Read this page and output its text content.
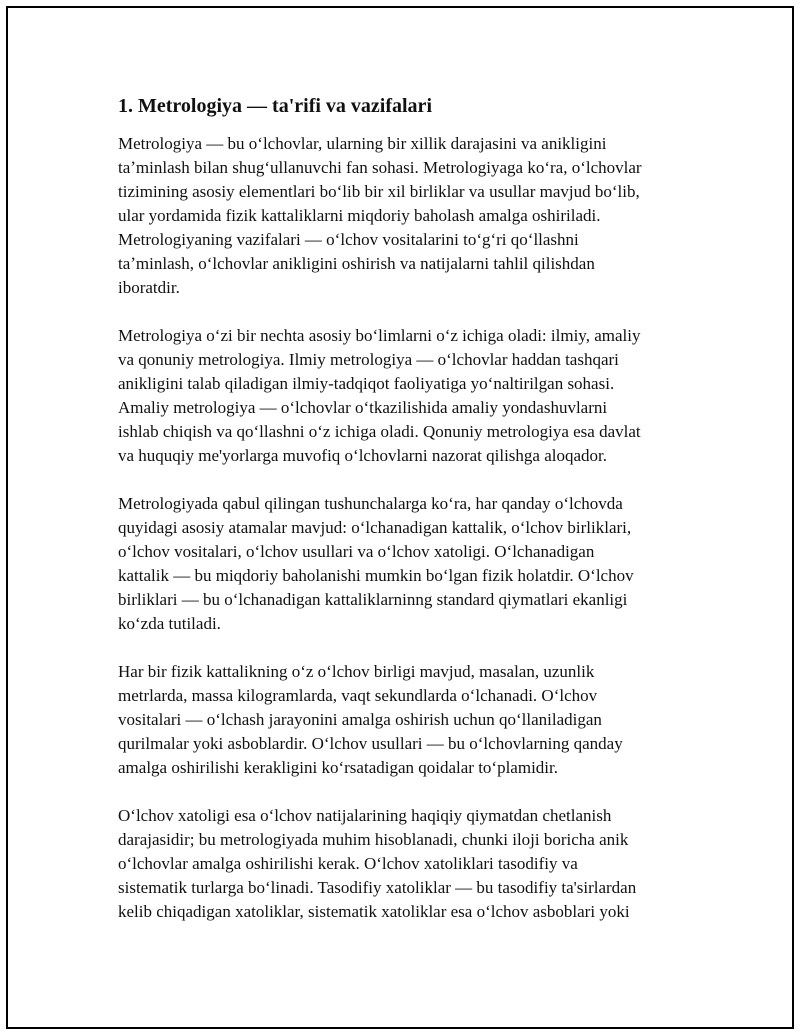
1. Metrologiya — ta'rifi va vazifalari

Metrologiya — bu oʻlchovlar, ularning bir xillik darajasini va anikligini
taʼminlash bilan shugʻullanuvchi fan sohasi. Metrologiyaga koʻra, oʻlchovlar
tizimining asosiy elementlari boʻlib bir xil birliklar va usullar mavjud boʻlib,
ular yordamida fizik kattaliklarni miqdoriy baholash amalga oshiriladi.
Metrologiyaning vazifalari — oʻlchov vositalarini toʻgʻri qoʻllashni
taʼminlash, oʻlchovlar anikligini oshirish va natijalarni tahlil qilishdan
iboratdir.

Metrologiya oʻzi bir nechta asosiy boʻlimlarni oʻz ichiga oladi: ilmiy, amaliy
va qonuniy metrologiya. Ilmiy metrologiya — oʻlchovlar haddan tashqari
anikligini talab qiladigan ilmiy-tadqiqot faoliyatiga yoʻnaltirilgan sohasi.
Amaliy metrologiya — oʻlchovlar oʻtkazilishida amaliy yondashuvlarni
ishlab chiqish va qoʻllashni oʻz ichiga oladi. Qonuniy metrologiya esa davlat
va huquqiy me'yorlarga muvofiq oʻlchovlarni nazorat qilishga aloqador.

Metrologiyada qabul qilingan tushunchalarga koʻra, har qanday oʻlchovda
quyidagi asosiy atamalar mavjud: oʻlchanadigan kattalik, oʻlchov birliklari,
oʻlchov vositalari, oʻlchov usullari va oʻlchov xatoligi. Oʻlchanadigan
kattalik — bu miqdoriy baholanishi mumkin boʻlgan fizik holatdir. Oʻlchov
birliklari — bu oʻlchanadigan kattaliklarninng standard qiymatlari ekanligi
koʻzda tutiladi.

Har bir fizik kattalikning oʻz oʻlchov birligi mavjud, masalan, uzunlik
metrlarda, massa kilogramlarda, vaqt sekundlarda oʻlchanadi. Oʻlchov
vositalari — oʻlchash jarayonini amalga oshirish uchun qoʻllaniladigan
qurilmalar yoki asboblardir. Oʻlchov usullari — bu oʻlchovlarning qanday
amalga oshirilishi kerakligini koʻrsatadigan qoidalar toʻplamidir.

Oʻlchov xatoligi esa oʻlchov natijalarining haqiqiy qiymatdan chetlanish
darajasidir; bu metrologiyada muhim hisoblanadi, chunki iloji boricha anik
oʻlchovlar amalga oshirilishi kerak. Oʻlchov xatoliklari tasodifiy va
sistematik turlarga boʻlinadi. Tasodifiy xatoliklar — bu tasodifiy ta'sirlardan
kelib chiqadigan xatoliklar, sistematik xatoliklar esa oʻlchov asboblari yoki
